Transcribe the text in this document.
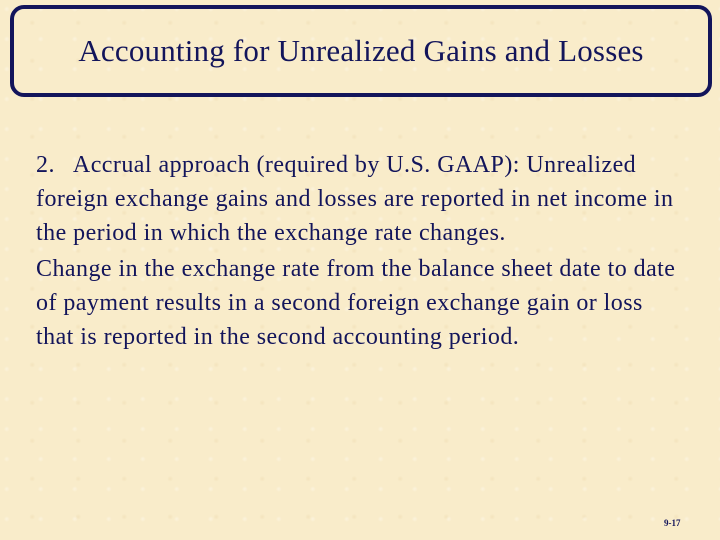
Accounting for Unrealized Gains and Losses

2.   Accrual approach (required by U.S. GAAP): Unrealized foreign exchange gains and losses are reported in net income in the period in which the exchange rate changes.

Change in the exchange rate from the balance sheet date to date of payment results in a second foreign exchange gain or loss that is reported in the second accounting period.

9-17
